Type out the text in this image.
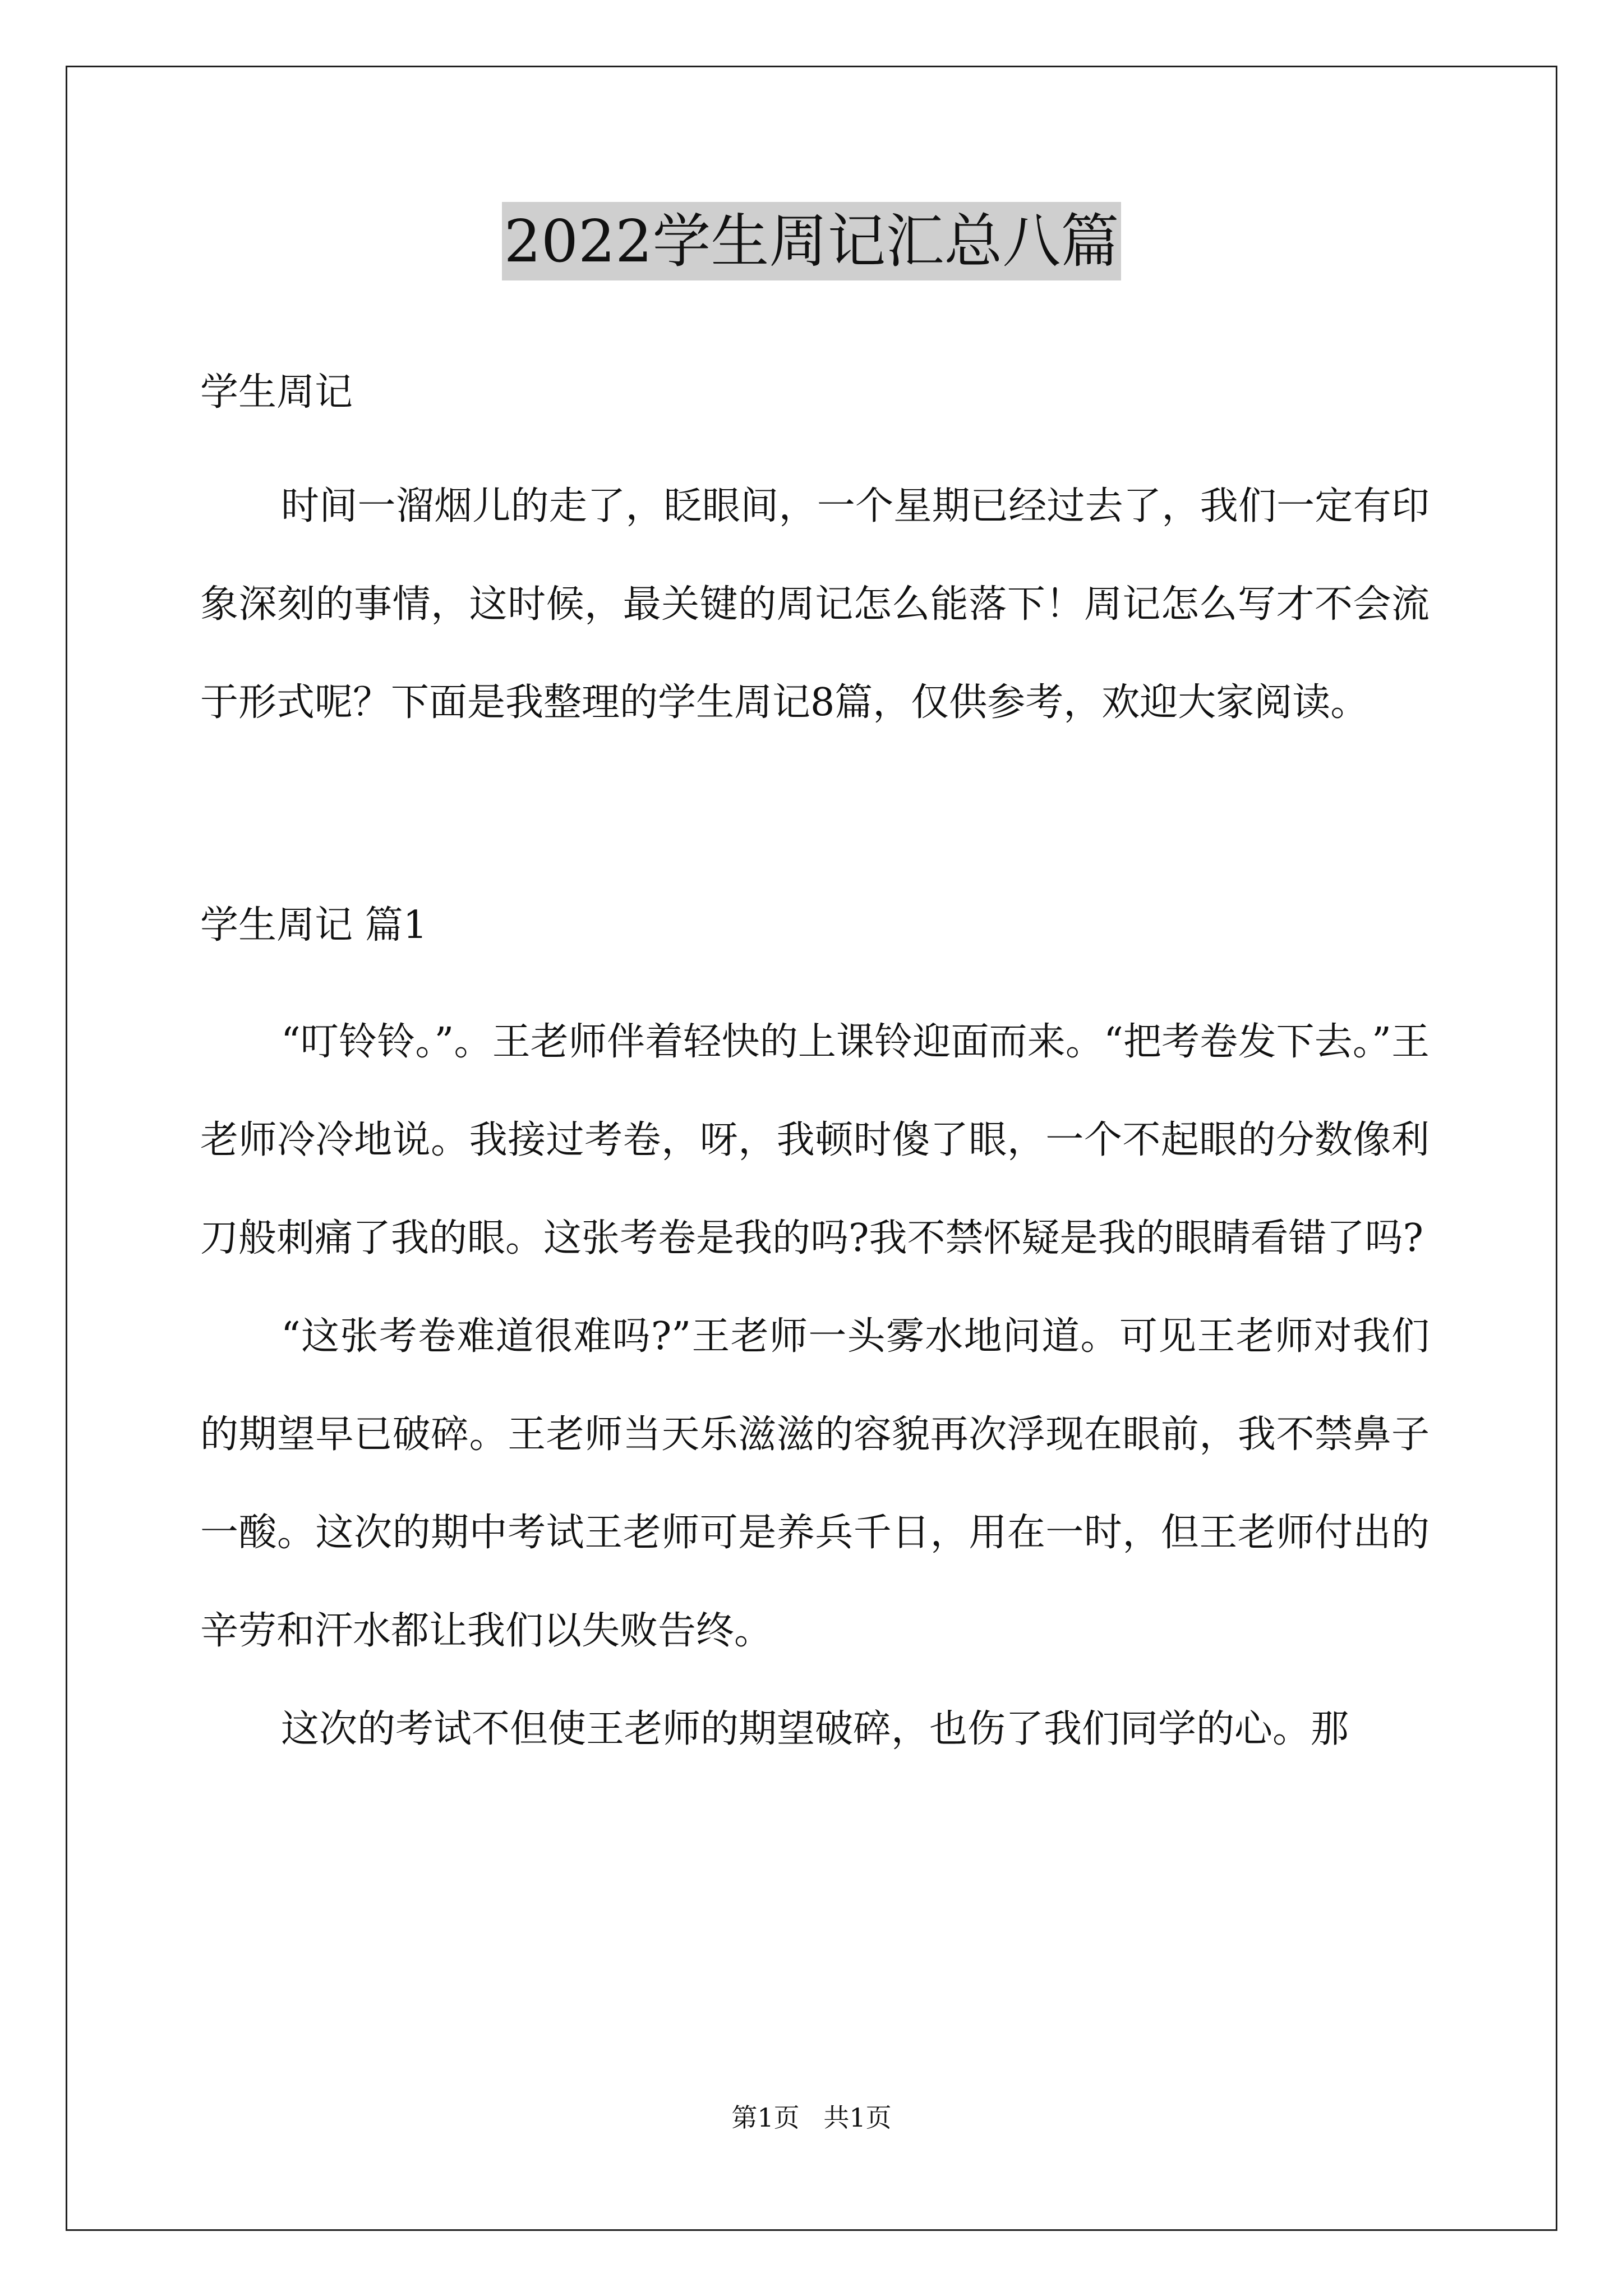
2022学生周记汇总八篇

学生周记

时间一溜烟儿的走了，眨眼间，一个星期已经过去了，我们一定有印象深刻的事情，这时候，最关键的周记怎么能落下！周记怎么写才不会流于形式呢？下面是我整理的学生周记8篇，仅供参考，欢迎大家阅读。

学生周记 篇1

“叮铃铃。”。王老师伴着轻快的上课铃迎面而来。“把考卷发下去。”王老师冷冷地说。我接过考卷，呀，我顿时傻了眼，一个不起眼的分数像利刀般刺痛了我的眼。这张考卷是我的吗?我不禁怀疑是我的眼睛看错了吗?

“这张考卷难道很难吗?”王老师一头雾水地问道。可见王老师对我们的期望早已破碎。王老师当天乐滋滋的容貌再次浮现在眼前，我不禁鼻子一酸。这次的期中考试王老师可是养兵千日，用在一时，但王老师付出的辛劳和汗水都让我们以失败告终。

这次的考试不但使王老师的期望破碎，也伤了我们同学的心。那

第1页 共1页
